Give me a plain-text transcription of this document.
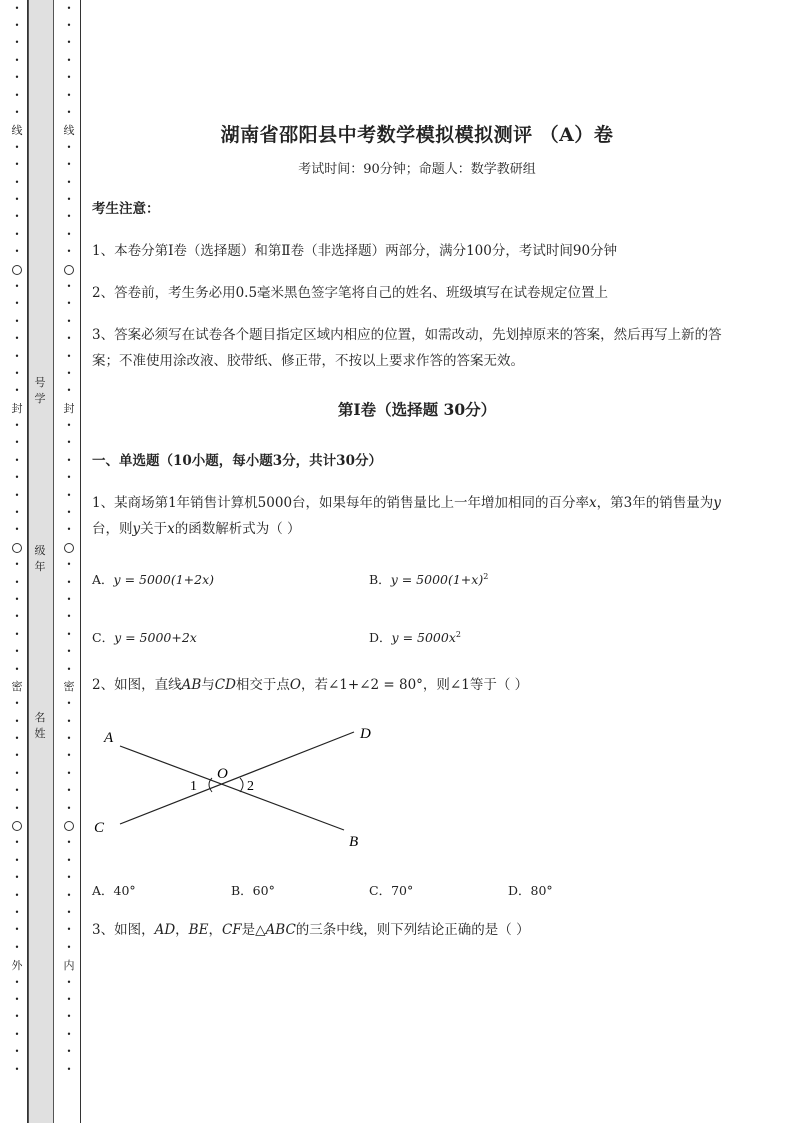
•
•
•
•
•
•
•
线
•
•
•
•
•
•
•
•
•
•
•
•
•
•
封
•
•
•
•
•
•
•
•
•
•
•
•
•
•
密
•
•
•
•
•
•
•
•
•
•
•
•
•
•
外
•
•
•
•
•
•
号
学
级
年
名
姓
•
•
•
•
•
•
•
线
•
•
•
•
•
•
•
•
•
•
•
•
•
•
封
•
•
•
•
•
•
•
•
•
•
•
•
•
•
密
•
•
•
•
•
•
•
•
•
•
•
•
•
•
内
•
•
•
•
•
•
湖南省邵阳县中考数学模拟模拟测评 （A）卷
考试时间：90分钟；命题人：数学教研组
考生注意：
1、本卷分第Ⅰ卷（选择题）和第Ⅱ卷（非选择题）两部分，满分100分，考试时间90分钟
2、答卷前，考生务必用0.5毫米黑色签字笔将自己的姓名、班级填写在试卷规定位置上
3、答案必须写在试卷各个题目指定区域内相应的位置，如需改动，先划掉原来的答案，然后再写上新的答案；不准使用涂改液、胶带纸、修正带，不按以上要求作答的答案无效。
第Ⅰ卷（选择题 30分）
一、单选题（10小题，每小题3分，共计30分）
1、某商场第1年销售计算机5000台，如果每年的销售量比上一年增加相同的百分率x，第3年的销售量为y台，则y关于x的函数解析式为（ ）
A．y = 5000(1+2x)	B．$y = 5000(1+x)^2$
C．y = 5000+2x	D．$y = 5000x^2$
2、如图，直线AB与CD相交于点O，若∠1+∠2 = 80°，则∠1等于（ ）
A
B
C
D
O
1	2
A．40°	B．60°	C．70°	D．80°
3、如图，AD，BE，CF是△ABC的三条中线，则下列结论正确的是（ ）
